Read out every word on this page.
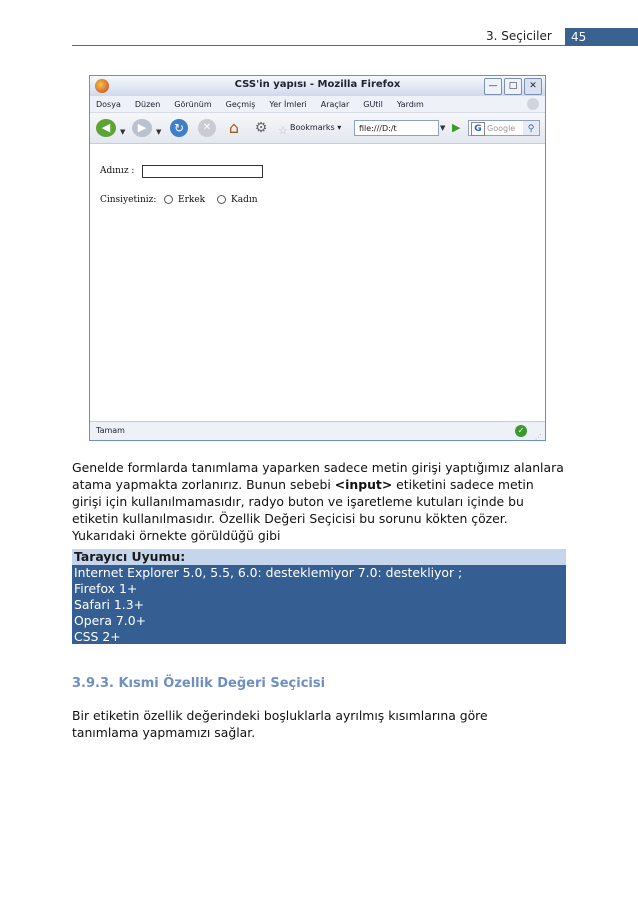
3. Seçiciler	45
CSS'in yapısı - Mozilla Firefox	—	□	✕
Dosya Düzen Görünüm Geçmiş Yer İmleri Araçlar GUtil Yardım
◀	▼	▶	▼	↻	✕	⌂	⚙ ☆ Bookmarks ▾	file:///D:/t	▼ ▶	G Google	⚲
Adınız :
Cinsiyetiniz: Erkek	Kadın
Tamam	✓
⋰
Genelde formlarda tanımlama yaparken sadece metin girişi yaptığımız alanlara atama yapmakta zorlanırız. Bunun sebebi <input> etiketini sadece metin girişi için kullanılmamasıdır, radyo buton ve işaretleme kutuları içinde bu etiketin kullanılmasıdır. Özellik Değeri Seçicisi bu sorunu kökten çözer. Yukarıdaki örnekte görüldüğü gibi
Tarayıcı Uyumu:
Internet Explorer 5.0, 5.5, 6.0: desteklemiyor 7.0: destekliyor ;
Firefox 1+
Safari 1.3+
Opera 7.0+
CSS 2+
3.9.3. Kısmi Özellik Değeri Seçicisi
Bir etiketin özellik değerindeki boşluklarla ayrılmış kısımlarına göre tanımlama yapmamızı sağlar.
